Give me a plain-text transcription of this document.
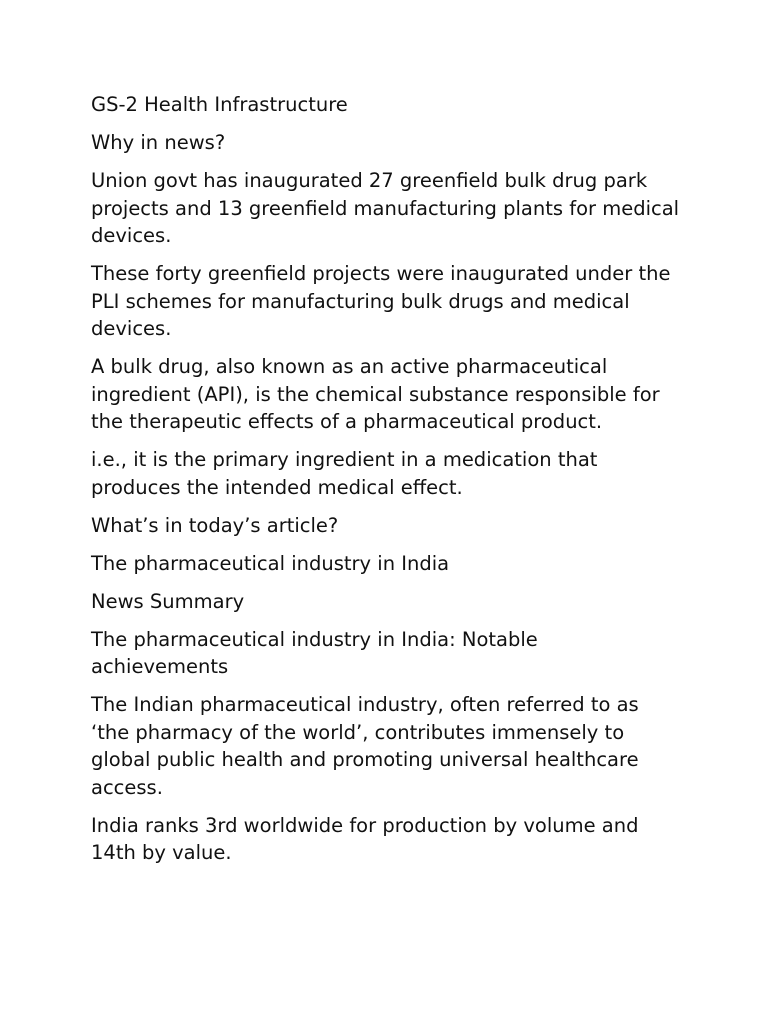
GS-2 Health Infrastructure

Why in news?

Union govt has inaugurated 27 greenfield bulk drug park projects and 13 greenfield manufacturing plants for medical devices.

These forty greenfield projects were inaugurated under the PLI schemes for manufacturing bulk drugs and medical devices.

A bulk drug, also known as an active pharmaceutical ingredient (API), is the chemical substance responsible for the therapeutic effects of a pharmaceutical product.

i.e., it is the primary ingredient in a medication that produces the intended medical effect.

What’s in today’s article?

The pharmaceutical industry in India

News Summary

The pharmaceutical industry in India: Notable achievements

The Indian pharmaceutical industry, often referred to as ‘the pharmacy of the world’, contributes immensely to global public health and promoting universal healthcare access.

India ranks 3rd worldwide for production by volume and 14th by value.
